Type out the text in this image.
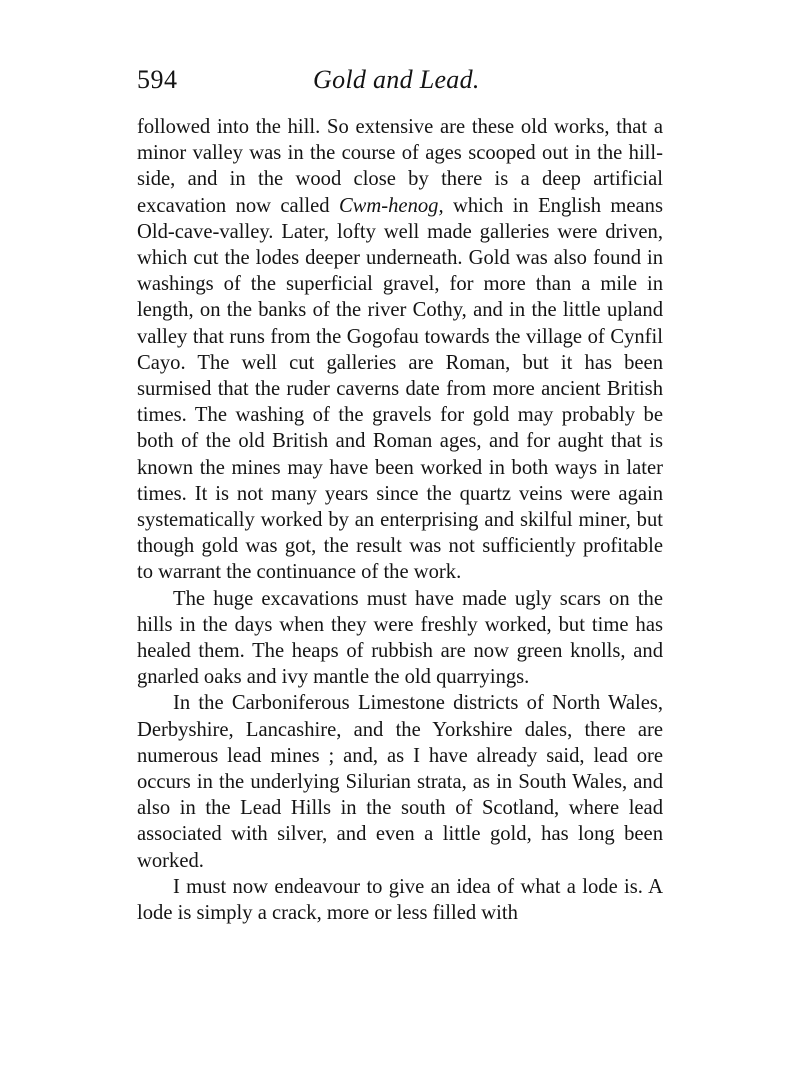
594	Gold and Lead.

followed into the hill. So extensive are these old works, that a minor valley was in the course of ages scooped out in the hill-side, and in the wood close by there is a deep artificial excavation now called Cwm-henog, which in English means Old-cave-valley. Later, lofty well made galleries were driven, which cut the lodes deeper underneath. Gold was also found in washings of the superficial gravel, for more than a mile in length, on the banks of the river Cothy, and in the little upland valley that runs from the Gogofau towards the village of Cynfil Cayo. The well cut galleries are Roman, but it has been surmised that the ruder caverns date from more ancient British times. The washing of the gravels for gold may probably be both of the old British and Roman ages, and for aught that is known the mines may have been worked in both ways in later times. It is not many years since the quartz veins were again systematically worked by an enterprising and skilful miner, but though gold was got, the result was not sufficiently profitable to warrant the continuance of the work.

The huge excavations must have made ugly scars on the hills in the days when they were freshly worked, but time has healed them. The heaps of rubbish are now green knolls, and gnarled oaks and ivy mantle the old quarryings.

In the Carboniferous Limestone districts of North Wales, Derbyshire, Lancashire, and the Yorkshire dales, there are numerous lead mines ; and, as I have already said, lead ore occurs in the underlying Silurian strata, as in South Wales, and also in the Lead Hills in the south of Scotland, where lead associated with silver, and even a little gold, has long been worked.

I must now endeavour to give an idea of what a lode is. A lode is simply a crack, more or less filled with
